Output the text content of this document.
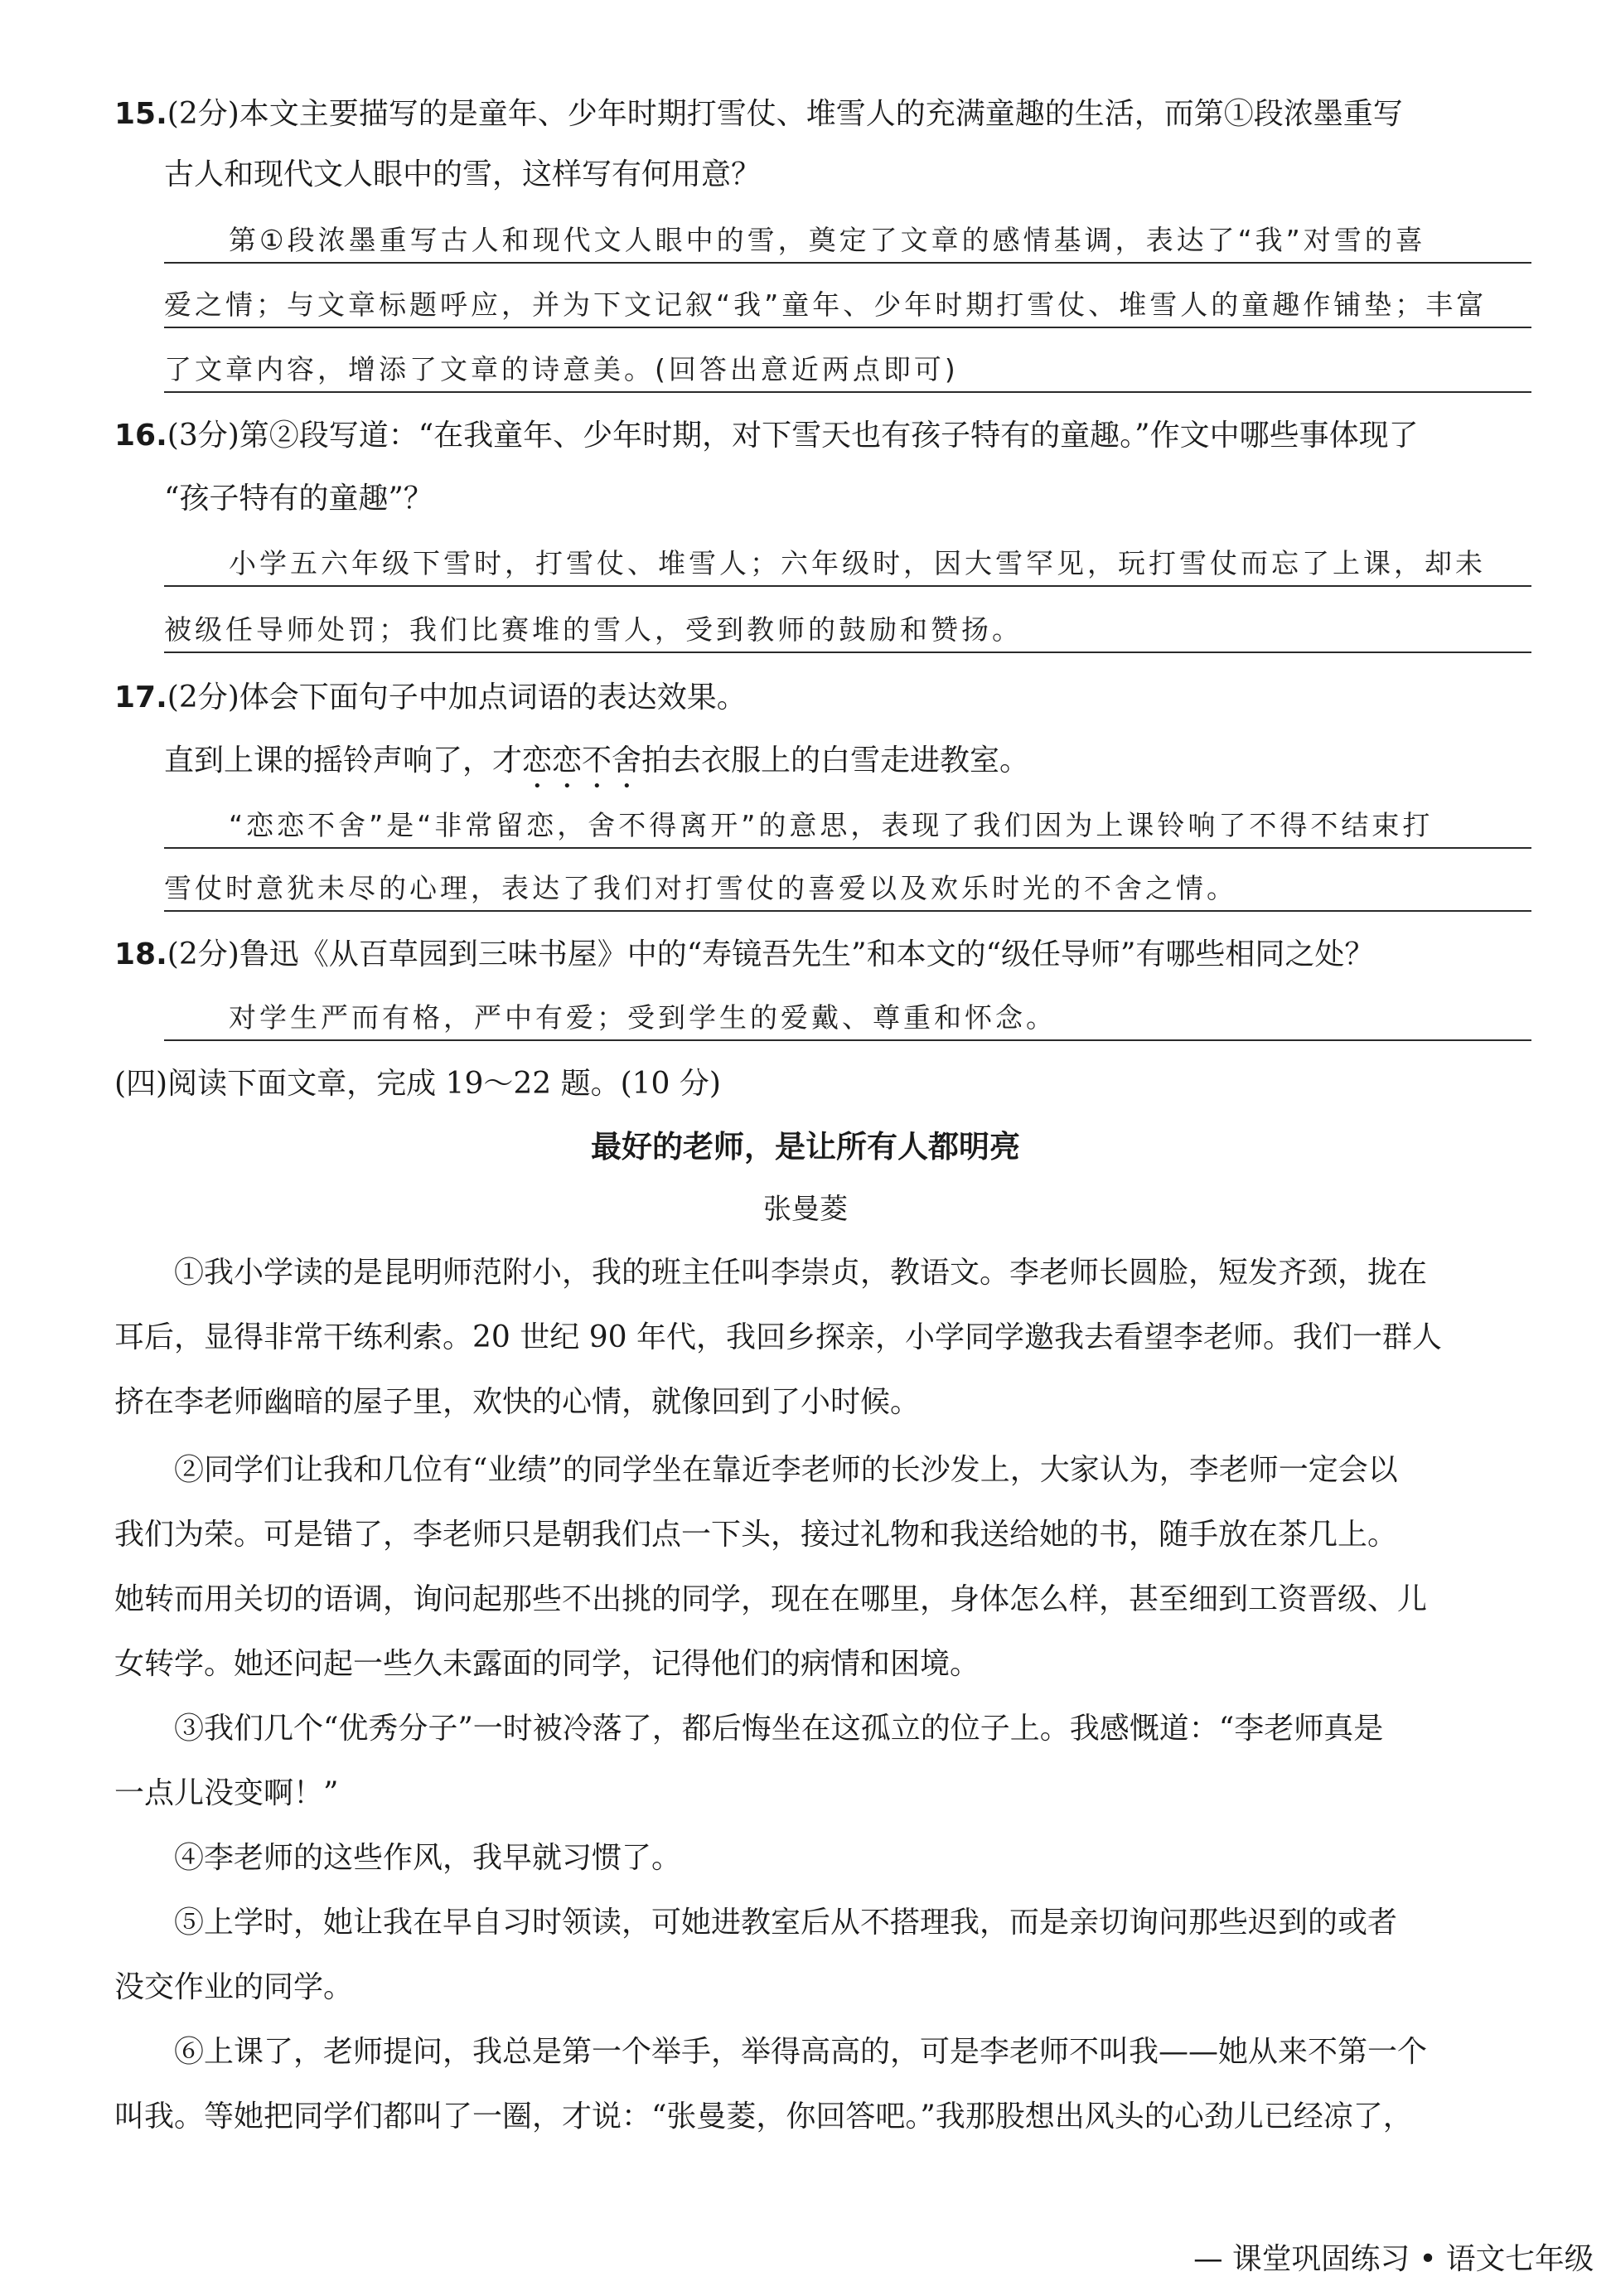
15.(2分)本文主要描写的是童年、少年时期打雪仗、堆雪人的充满童趣的生活，而第①段浓墨重写
古人和现代文人眼中的雪，这样写有何用意？
第①段浓墨重写古人和现代文人眼中的雪，奠定了文章的感情基调，表达了“我”对雪的喜
爱之情；与文章标题呼应，并为下文记叙“我”童年、少年时期打雪仗、堆雪人的童趣作铺垫；丰富
了文章内容，增添了文章的诗意美。(回答出意近两点即可)
16.(3分)第②段写道：“在我童年、少年时期，对下雪天也有孩子特有的童趣。”作文中哪些事体现了
“孩子特有的童趣”？
小学五六年级下雪时，打雪仗、堆雪人；六年级时，因大雪罕见，玩打雪仗而忘了上课，却未
被级任导师处罚；我们比赛堆的雪人，受到教师的鼓励和赞扬。
17.(2分)体会下面句子中加点词语的表达效果。
直到上课的摇铃声响了，才恋恋不舍拍去衣服上的白雪走进教室。
“恋恋不舍”是“非常留恋，舍不得离开”的意思，表现了我们因为上课铃响了不得不结束打
雪仗时意犹未尽的心理，表达了我们对打雪仗的喜爱以及欢乐时光的不舍之情。
18.(2分)鲁迅《从百草园到三味书屋》中的“寿镜吾先生”和本文的“级任导师”有哪些相同之处？
对学生严而有格，严中有爱；受到学生的爱戴、尊重和怀念。
(四)阅读下面文章，完成 19～22 题。(10 分)
最好的老师，是让所有人都明亮
张曼菱
①我小学读的是昆明师范附小，我的班主任叫李崇贞，教语文。李老师长圆脸，短发齐颈，拢在
耳后，显得非常干练利索。20 世纪 90 年代，我回乡探亲，小学同学邀我去看望李老师。我们一群人
挤在李老师幽暗的屋子里，欢快的心情，就像回到了小时候。
②同学们让我和几位有“业绩”的同学坐在靠近李老师的长沙发上，大家认为，李老师一定会以
我们为荣。可是错了，李老师只是朝我们点一下头，接过礼物和我送给她的书，随手放在茶几上。
她转而用关切的语调，询问起那些不出挑的同学，现在在哪里，身体怎么样，甚至细到工资晋级、儿
女转学。她还问起一些久未露面的同学，记得他们的病情和困境。
③我们几个“优秀分子”一时被冷落了，都后悔坐在这孤立的位子上。我感慨道：“李老师真是
一点儿没变啊！”
④李老师的这些作风，我早就习惯了。
⑤上学时，她让我在早自习时领读，可她进教室后从不搭理我，而是亲切询问那些迟到的或者
没交作业的同学。
⑥上课了，老师提问，我总是第一个举手，举得高高的，可是李老师不叫我——她从来不第一个
叫我。等她把同学们都叫了一圈，才说：“张曼菱，你回答吧。”我那股想出风头的心劲儿已经凉了，
— 课堂巩固练习 • 语文七年级
